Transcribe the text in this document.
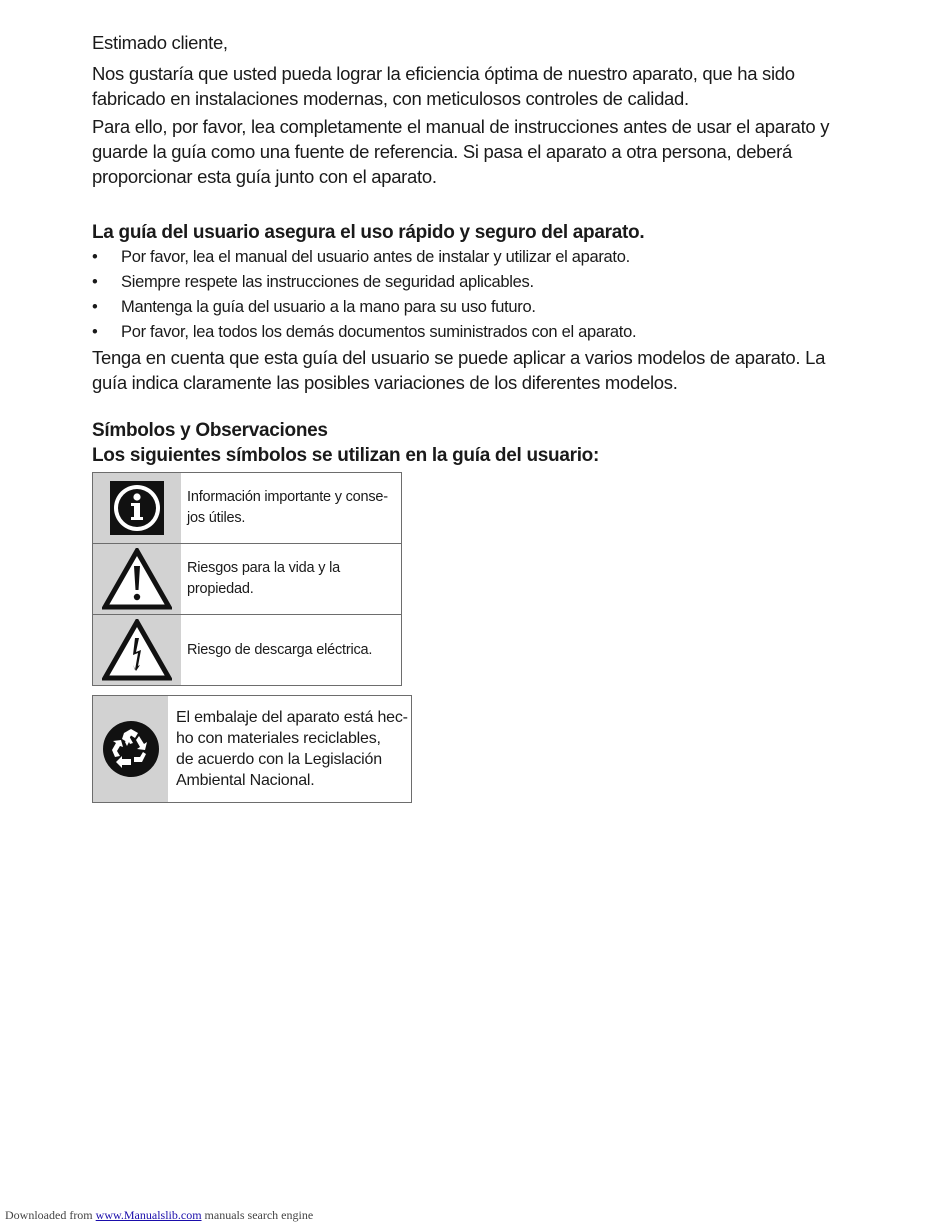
Estimado cliente,

Nos gustaría que usted pueda lograr la eficiencia óptima de nuestro aparato, que ha sido fabricado en instalaciones modernas, con meticulosos controles de calidad.

Para ello, por favor, lea completamente el manual de instrucciones antes de usar el aparato y guarde la guía como una fuente de referencia. Si pasa el aparato a otra persona, deberá proporcionar esta guía junto con el aparato.

La guía del usuario asegura el uso rápido y seguro del aparato.

• Por favor, lea el manual del usuario antes de instalar y utilizar el aparato.
• Siempre respete las instrucciones de seguridad aplicables.
• Mantenga la guía del usuario a la mano para su uso futuro.
• Por favor, lea todos los demás documentos suministrados con el aparato.

Tenga en cuenta que esta guía del usuario se puede aplicar a varios modelos de aparato. La guía indica claramente las posibles variaciones de los diferentes modelos.

Símbolos y Observaciones

Los siguientes símbolos se utilizan en la guía del usuario:

Información importante y conse-
jos útiles.
Riesgos para la vida y la propiedad.
Riesgo de descarga eléctrica.
El embalaje del aparato está hec-
ho con materiales reciclables,
de acuerdo con la Legislación
Ambiental Nacional.
Downloaded from www.Manualslib.com manuals search engine
